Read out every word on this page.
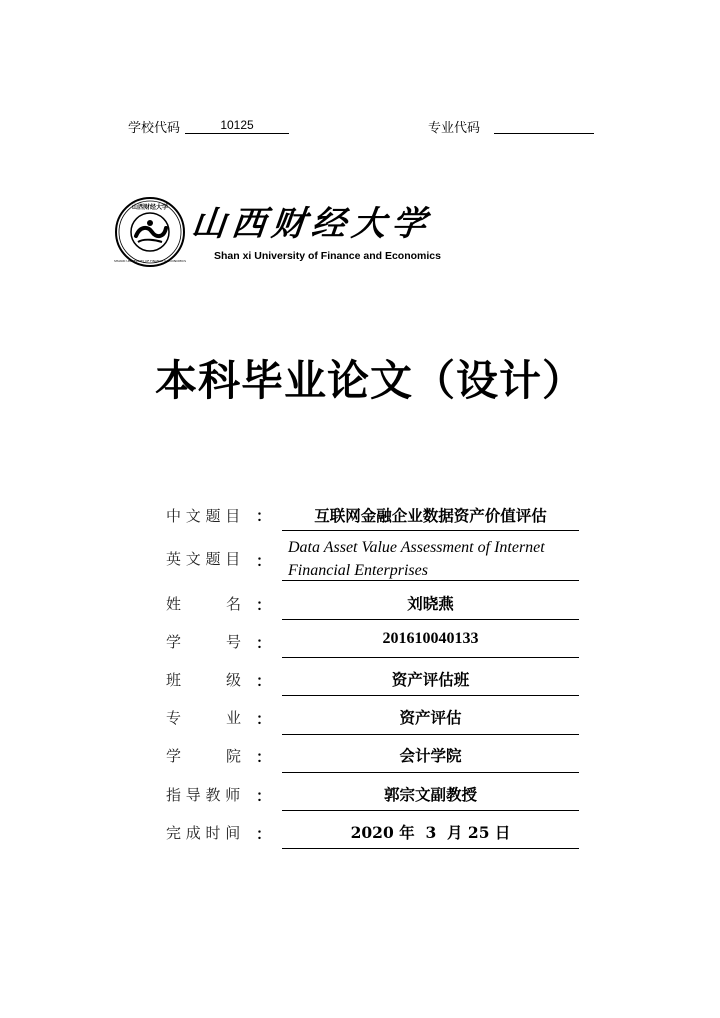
学校代码	10125	专业代码
山西财经大学
SHANXI UNIVERSITY OF FINANCE & ECONOMICS
山西财经大学
Shan xi University of Finance and Economics
本科毕业论文（设计）
中 文 题 目 ：	互联网金融企业数据资产价值评估
英 文 题 目 ：
Data Asset Value Assessment of Internet
Financial Enterprises
姓　　　名 ：	刘晓燕
学　　　号 ：	201610040133
班　　　级 ：	资产评估班
专　　　业 ：	资产评估
学　　　院 ：	会计学院
指 导 教 师 ：	郭宗文副教授
完 成 时 间 ：	2020 年  3  月 25 日
